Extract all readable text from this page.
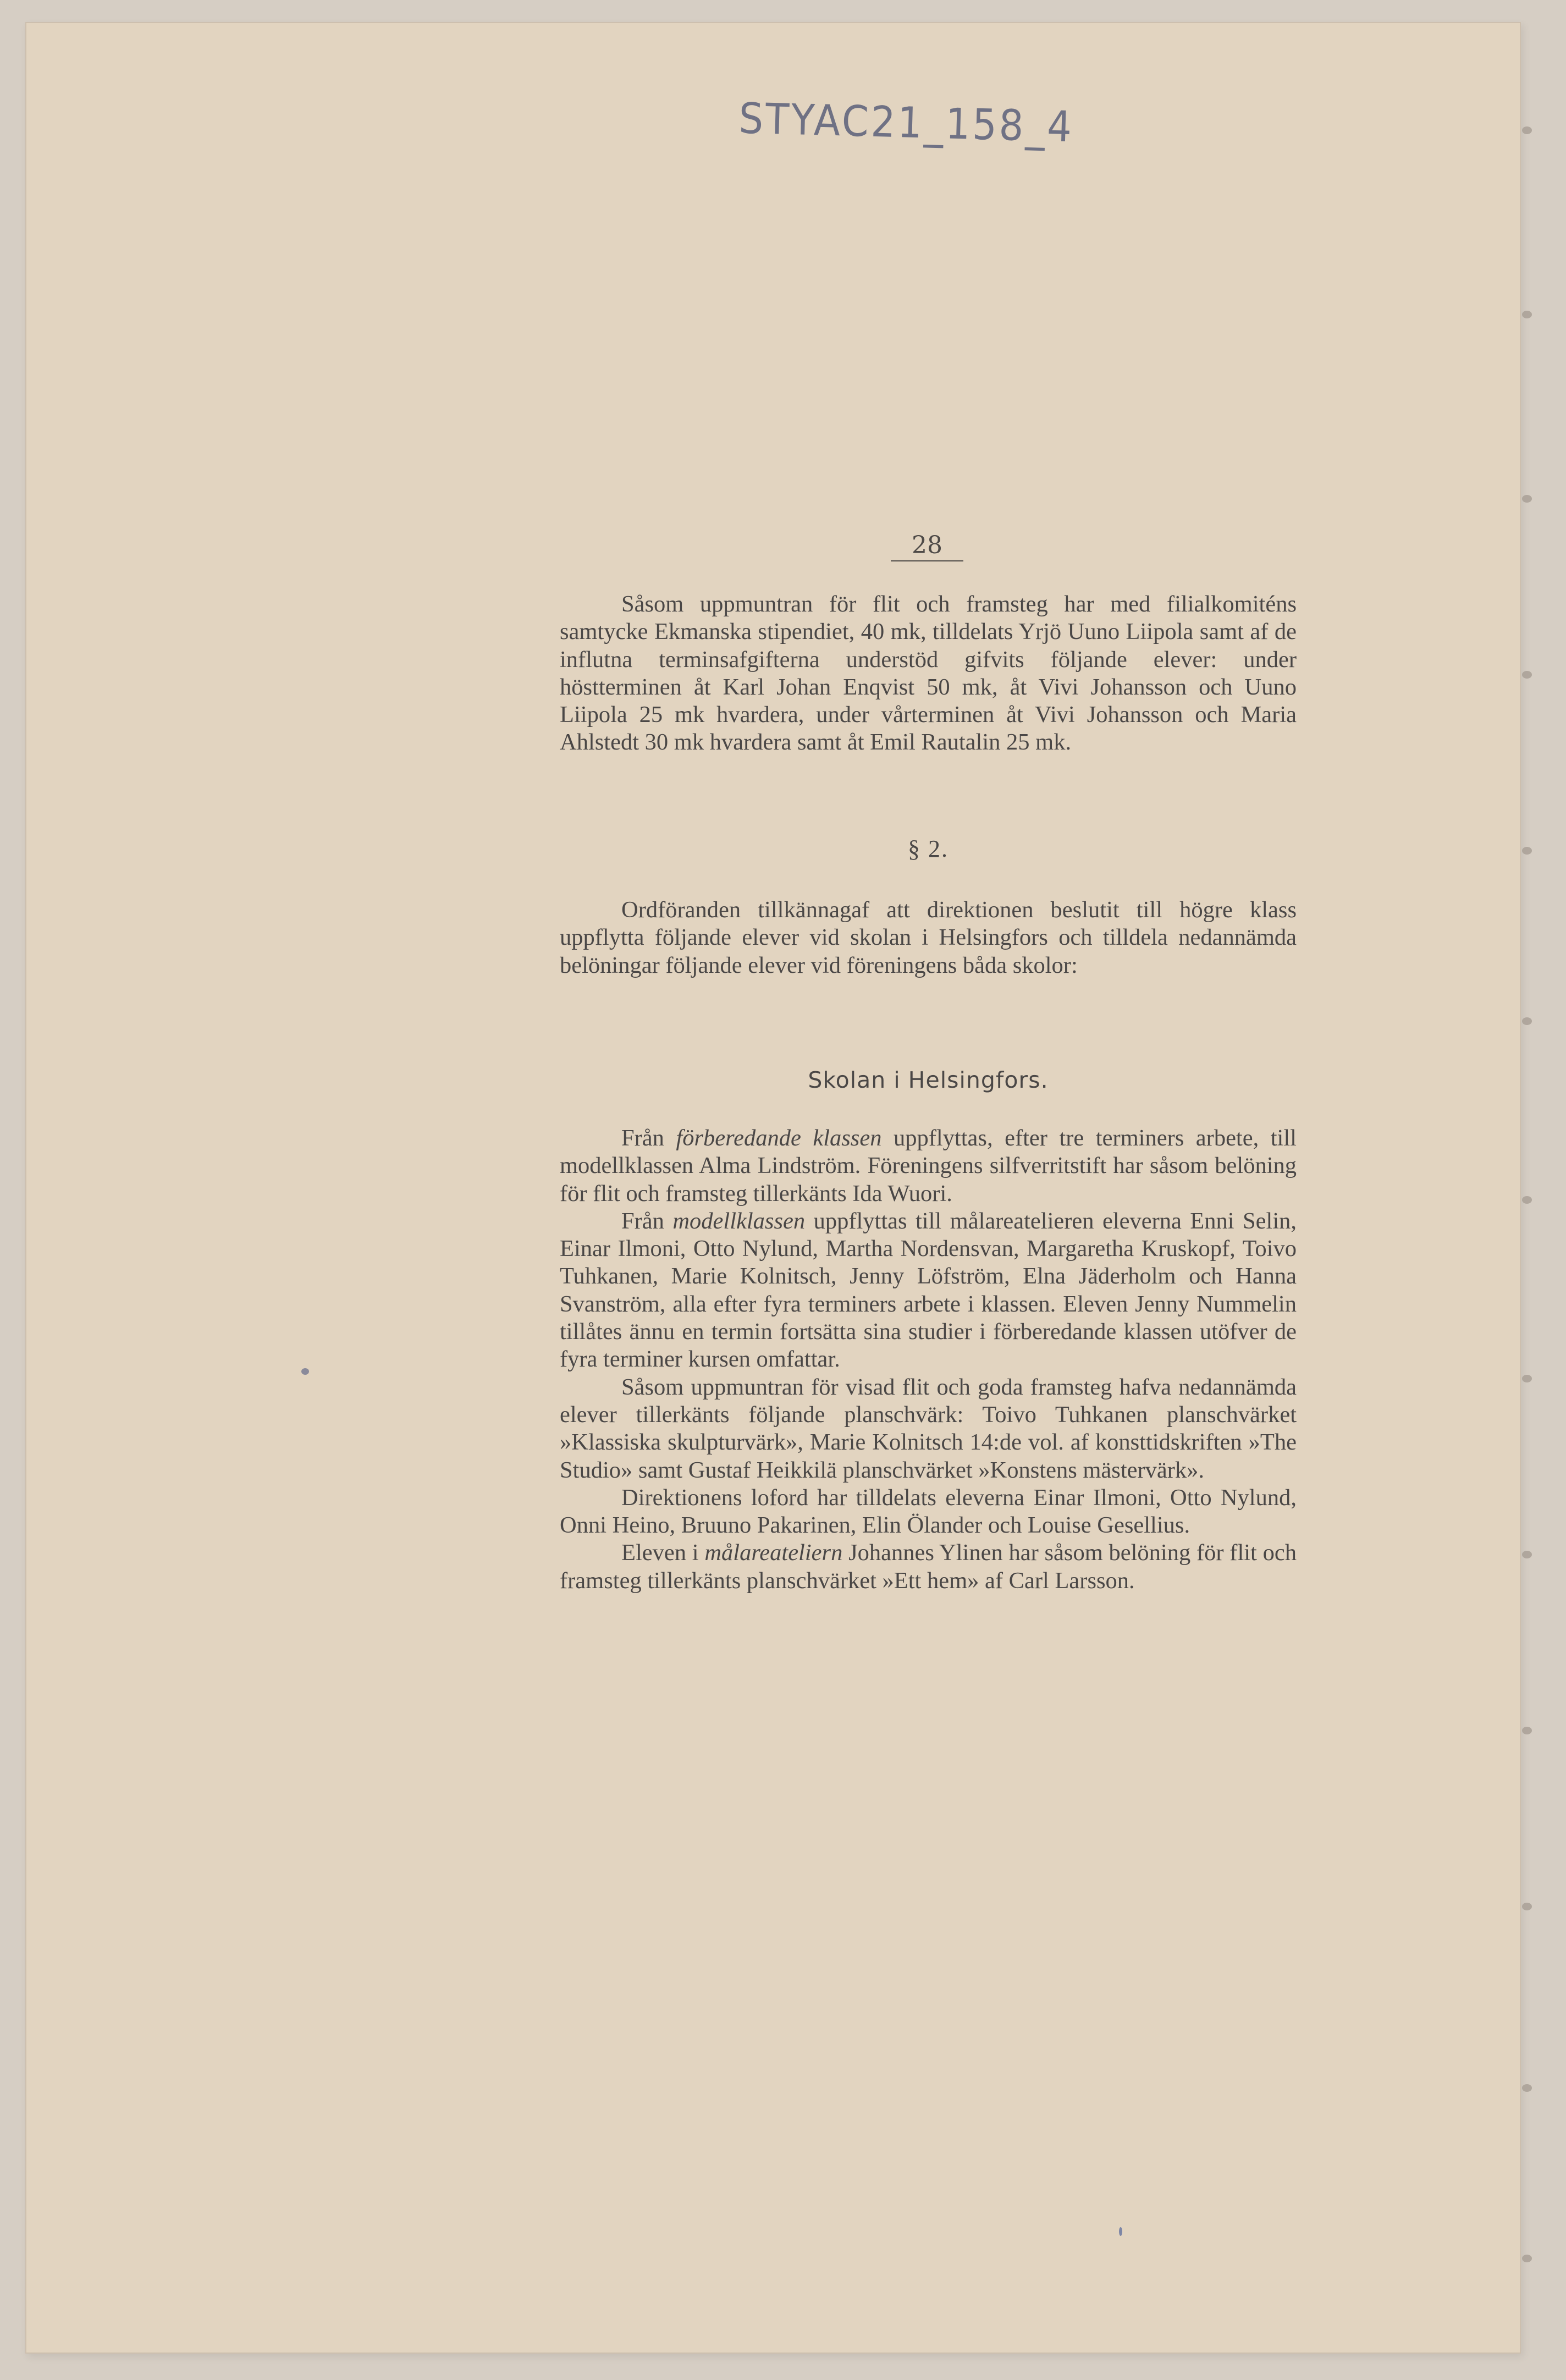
STYAC21_158_4
28

Såsom uppmuntran för flit och framsteg har med filialkomiténs samtycke Ekmanska stipendiet, 40 mk, tilldelats Yrjö Uuno Liipola samt af de influtna terminsafgifterna understöd gifvits följande elever: under höstterminen åt Karl Johan Enqvist 50 mk, åt Vivi Johansson och Uuno Liipola 25 mk hvardera, under vårterminen åt Vivi Johansson och Maria Ahlstedt 30 mk hvardera samt åt Emil Rautalin 25 mk.

§ 2.

Ordföranden tillkännagaf att direktionen beslutit till högre klass uppflytta följande elever vid skolan i Helsingfors och tilldela nedannämda belöningar följande elever vid föreningens båda skolor:

Skolan i Helsingfors.

Från förberedande klassen uppflyttas, efter tre terminers arbete, till modellklassen Alma Lindström. Föreningens silfverritstift har såsom belöning för flit och framsteg tillerkänts Ida Wuori.

Från modellklassen uppflyttas till målareatelieren eleverna Enni Selin, Einar Ilmoni, Otto Nylund, Martha Nordensvan, Margaretha Kruskopf, Toivo Tuhkanen, Marie Kolnitsch, Jenny Löfström, Elna Jäderholm och Hanna Svanström, alla efter fyra terminers arbete i klassen. Eleven Jenny Nummelin tillåtes ännu en termin fortsätta sina studier i förberedande klassen utöfver de fyra terminer kursen omfattar.

Såsom uppmuntran för visad flit och goda framsteg hafva nedannämda elever tillerkänts följande planschvärk: Toivo Tuhkanen planschvärket »Klassiska skulpturvärk», Marie Kolnitsch 14:de vol. af konsttidskriften »The Studio» samt Gustaf Heikkilä planschvärket »Konstens mästervärk».

Direktionens loford har tilldelats eleverna Einar Ilmoni, Otto Nylund, Onni Heino, Bruuno Pakarinen, Elin Ölander och Louise Gesellius.

Eleven i målareateliern Johannes Ylinen har såsom belöning för flit och framsteg tillerkänts planschvärket »Ett hem» af Carl Larsson.
